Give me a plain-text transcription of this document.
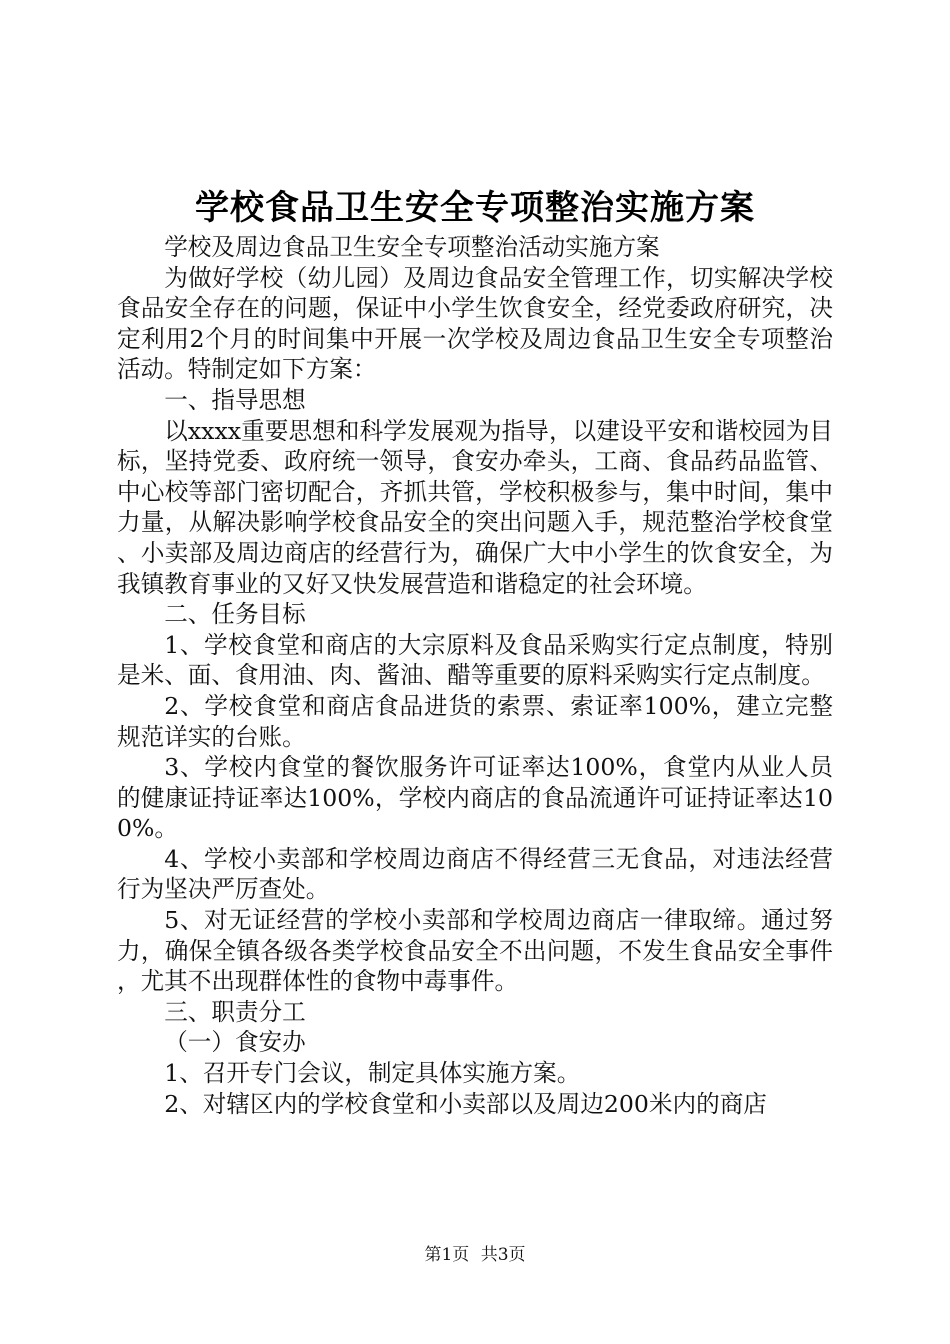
学校食品卫生安全专项整治实施方案

学校及周边食品卫生安全专项整治活动实施方案

为做好学校（幼儿园）及周边食品安全管理工作，切实解决学校食品安全存在的问题，保证中小学生饮食安全，经党委政府研究，决定利用2个月的时间集中开展一次学校及周边食品卫生安全专项整治活动。特制定如下方案：

一、指导思想

以xxxx重要思想和科学发展观为指导，以建设平安和谐校园为目标，坚持党委、政府统一领导，食安办牵头，工商、食品药品监管、中心校等部门密切配合，齐抓共管，学校积极参与，集中时间，集中力量，从解决影响学校食品安全的突出问题入手，规范整治学校食堂、小卖部及周边商店的经营行为，确保广大中小学生的饮食安全，为我镇教育事业的又好又快发展营造和谐稳定的社会环境。

二、任务目标

1、学校食堂和商店的大宗原料及食品采购实行定点制度，特别是米、面、食用油、肉、酱油、醋等重要的原料采购实行定点制度。

2、学校食堂和商店食品进货的索票、索证率100%，建立完整规范详实的台账。

3、学校内食堂的餐饮服务许可证率达100%，食堂内从业人员的健康证持证率达100%，学校内商店的食品流通许可证持证率达100%。

4、学校小卖部和学校周边商店不得经营三无食品，对违法经营行为坚决严厉查处。

5、对无证经营的学校小卖部和学校周边商店一律取缔。通过努力，确保全镇各级各类学校食品安全不出问题，不发生食品安全事件，尤其不出现群体性的食物中毒事件。

三、职责分工

（一）食安办

1、召开专门会议，制定具体实施方案。

2、对辖区内的学校食堂和小卖部以及周边200米内的商店

第1页 共3页
